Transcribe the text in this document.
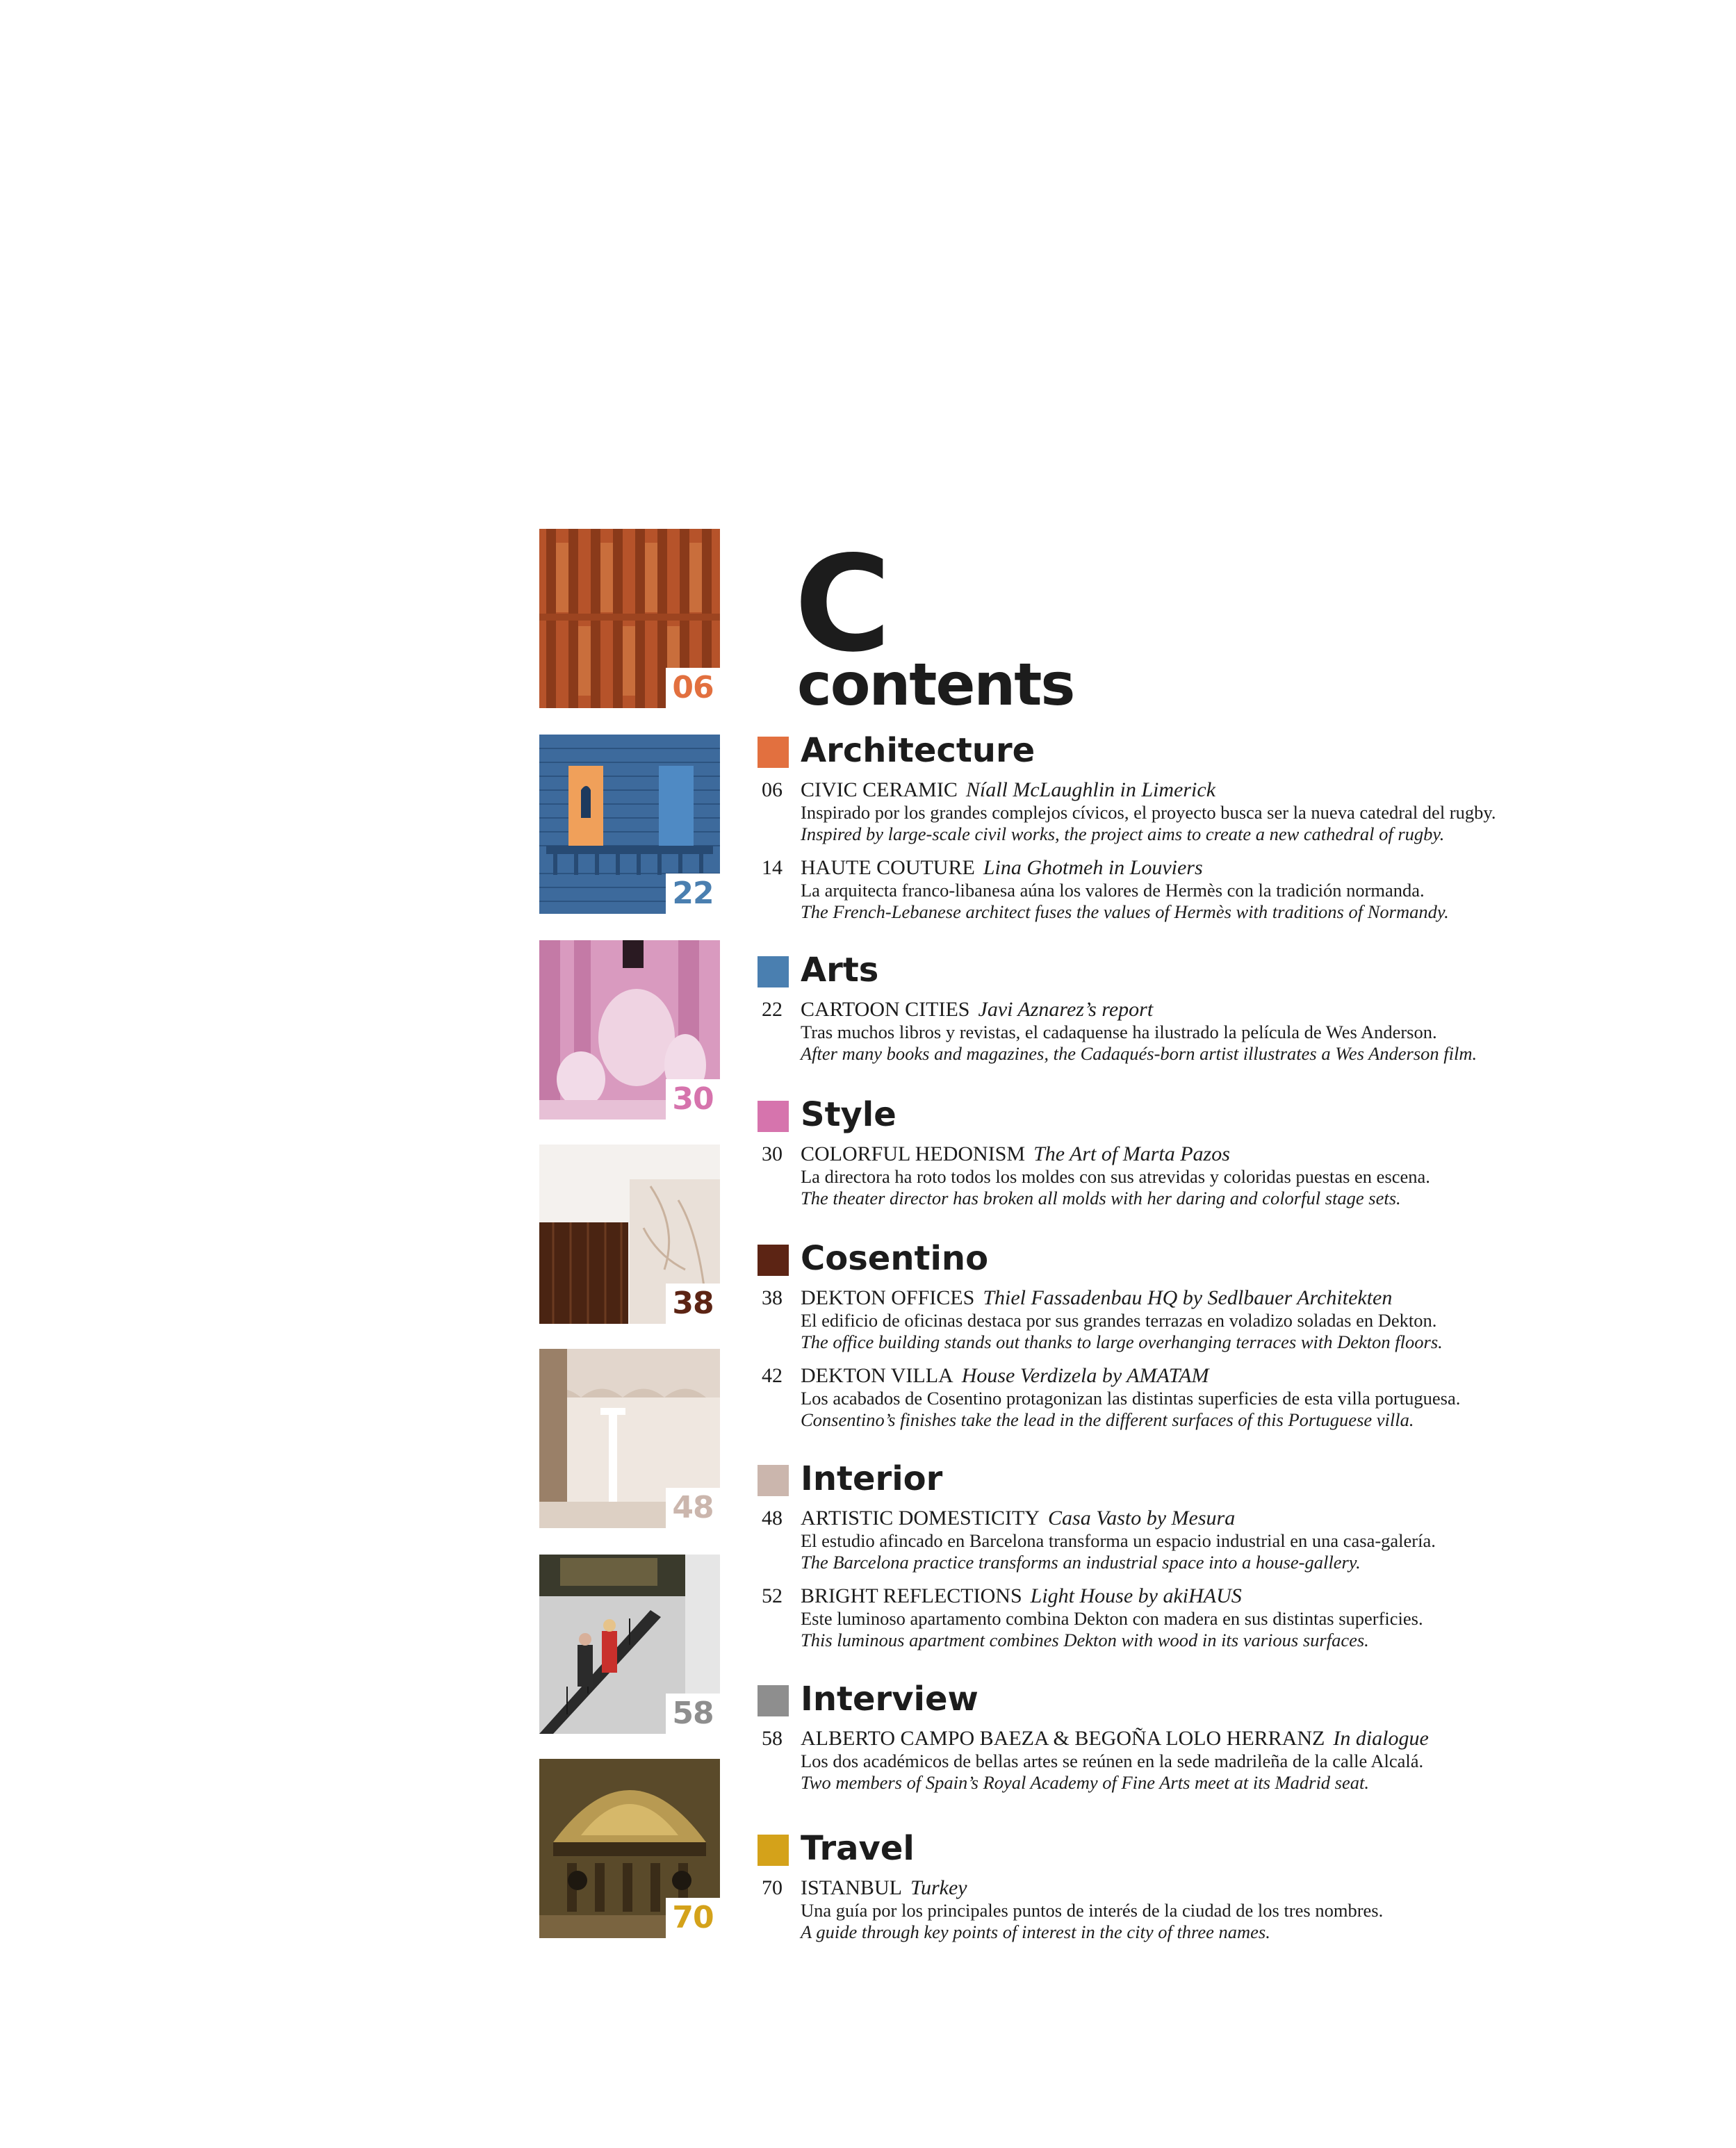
06
22
30
38
48
58
70
C
contents
Architecture
06 CIVIC CERAMIC Níall McLaughlin in Limerick
Inspirado por los grandes complejos cívicos, el proyecto busca ser la nueva catedral del rugby.
Inspired by large-scale civil works, the project aims to create a new cathedral of rugby.
14 HAUTE COUTURE Lina Ghotmeh in Louviers
La arquitecta franco-libanesa aúna los valores de Hermès con la tradición normanda.
The French-Lebanese architect fuses the values of Hermès with traditions of Normandy.
Arts
22 CARTOON CITIES Javi Aznarez’s report
Tras muchos libros y revistas, el cadaquense ha ilustrado la película de Wes Anderson.
After many books and magazines, the Cadaqués-born artist illustrates a Wes Anderson film.
Style
30 COLORFUL HEDONISM The Art of Marta Pazos
La directora ha roto todos los moldes con sus atrevidas y coloridas puestas en escena.
The theater director has broken all molds with her daring and colorful stage sets.
Cosentino
38 DEKTON OFFICES Thiel Fassadenbau HQ by Sedlbauer Architekten
El edificio de oficinas destaca por sus grandes terrazas en voladizo soladas en Dekton.
The office building stands out thanks to large overhanging terraces with Dekton floors.
42 DEKTON VILLA House Verdizela by AMATAM
Los acabados de Cosentino protagonizan las distintas superficies de esta villa portuguesa.
Consentino’s finishes take the lead in the different surfaces of this Portuguese villa.
Interior
48 ARTISTIC DOMESTICITY Casa Vasto by Mesura
El estudio afincado en Barcelona transforma un espacio industrial en una casa-galería.
The Barcelona practice transforms an industrial space into a house-gallery.
52 BRIGHT REFLECTIONS Light House by akiHAUS
Este luminoso apartamento combina Dekton con madera en sus distintas superficies.
This luminous apartment combines Dekton with wood in its various surfaces.
Interview
58 ALBERTO CAMPO BAEZA & BEGOÑA LOLO HERRANZ In dialogue
Los dos académicos de bellas artes se reúnen en la sede madrileña de la calle Alcalá.
Two members of Spain’s Royal Academy of Fine Arts meet at its Madrid seat.
Travel
70 ISTANBUL Turkey
Una guía por los principales puntos de interés de la ciudad de los tres nombres.
A guide through key points of interest in the city of three names.
